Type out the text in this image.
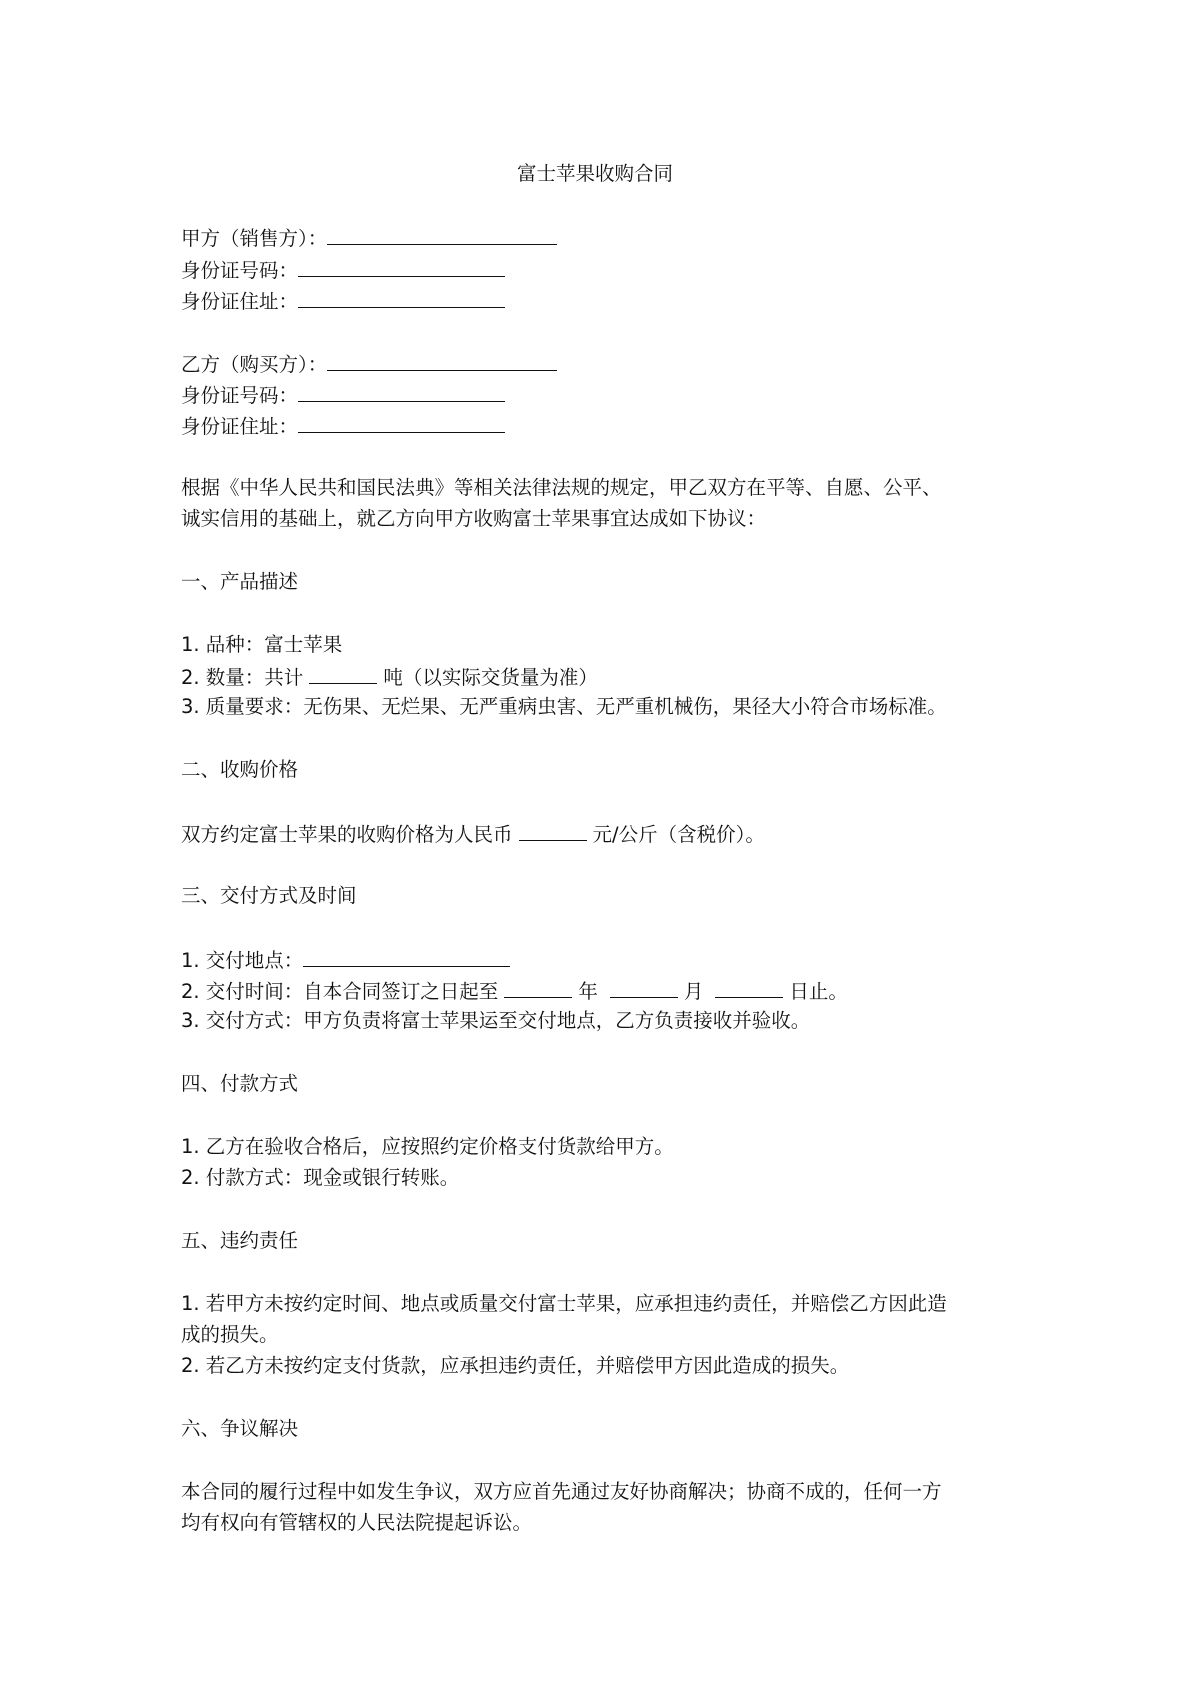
富士苹果收购合同

甲方（销售方）：

身份证号码：

身份证住址：

乙方（购买方）：

身份证号码：

身份证住址：

根据《中华人民共和国民法典》等相关法律法规的规定，甲乙双方在平等、自愿、公平、

诚实信用的基础上，就乙方向甲方收购富士苹果事宜达成如下协议：

一、产品描述

1. 品种：富士苹果

2. 数量：共计	吨（以实际交货量为准）

3. 质量要求：无伤果、无烂果、无严重病虫害、无严重机械伤，果径大小符合市场标准。

二、收购价格

双方约定富士苹果的收购价格为人民币	元/公斤（含税价）。

三、交付方式及时间

1. 交付地点：

2. 交付时间：自本合同签订之日起至	年	月	日止。

3. 交付方式：甲方负责将富士苹果运至交付地点，乙方负责接收并验收。

四、付款方式

1. 乙方在验收合格后，应按照约定价格支付货款给甲方。

2. 付款方式：现金或银行转账。

五、违约责任

1. 若甲方未按约定时间、地点或质量交付富士苹果，应承担违约责任，并赔偿乙方因此造

成的损失。

2. 若乙方未按约定支付货款，应承担违约责任，并赔偿甲方因此造成的损失。

六、争议解决

本合同的履行过程中如发生争议，双方应首先通过友好协商解决；协商不成的，任何一方

均有权向有管辖权的人民法院提起诉讼。
